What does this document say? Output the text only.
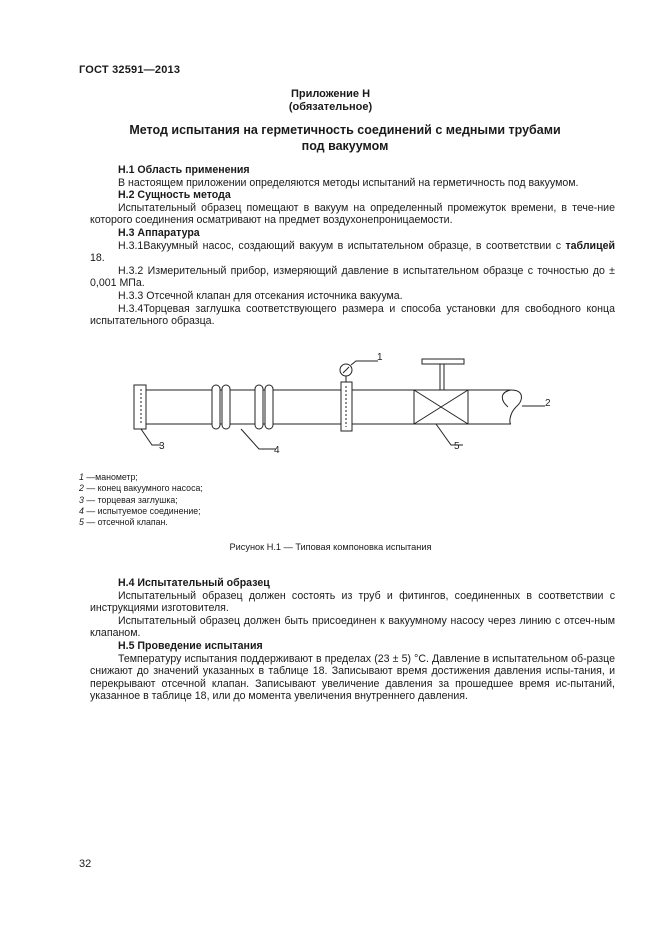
ГОСТ 32591—2013
Приложение Н
(обязательное)
Метод испытания на герметичность соединений с медными трубами
под вакуумом
Н.1 Область применения
В настоящем приложении определяются методы испытаний на герметичность под вакуумом.
Н.2 Сущность метода
Испытательный образец помещают в вакуум на определенный промежуток времени, в тече-ние которого соединения осматривают на предмет воздухонепроницаемости.
Н.3 Аппаратура
Н.3.1Вакуумный насос, создающий вакуум в испытательном образце, в соответствии с таблицей 18.
Н.3.2 Измерительный прибор, измеряющий давление в испытательном образце с точностью до ± 0,001 МПа.
Н.3.3 Отсечной клапан для отсекания источника вакуума.
Н.3.4Торцевая заглушка соответствующего размера и способа установки для свободного конца испытательного образца.
1
2
3	4	5
1 —манометр;
2 — конец вакуумного насоса;
3 — торцевая заглушка;
4 — испытуемое соединение;
5 — отсечной клапан.
Рисунок Н.1 — Типовая компоновка испытания
Н.4 Испытательный образец
Испытательный образец должен состоять из труб и фитингов, соединенных в соответствии с инструкциями изготовителя.
Испытательный образец должен быть присоединен к вакуумному насосу через линию с отсеч-ным клапаном.
Н.5 Проведение испытания
Температуру испытания поддерживают в пределах (23 ± 5) °С. Давление в испытательном об-разце снижают до значений указанных в таблице 18. Записывают время достижения давления испы-тания, и перекрывают отсечной клапан. Записывают увеличение давления за прошедшее время ис-пытаний, указанное в таблице 18, или до момента увеличения внутреннего давления.
32
